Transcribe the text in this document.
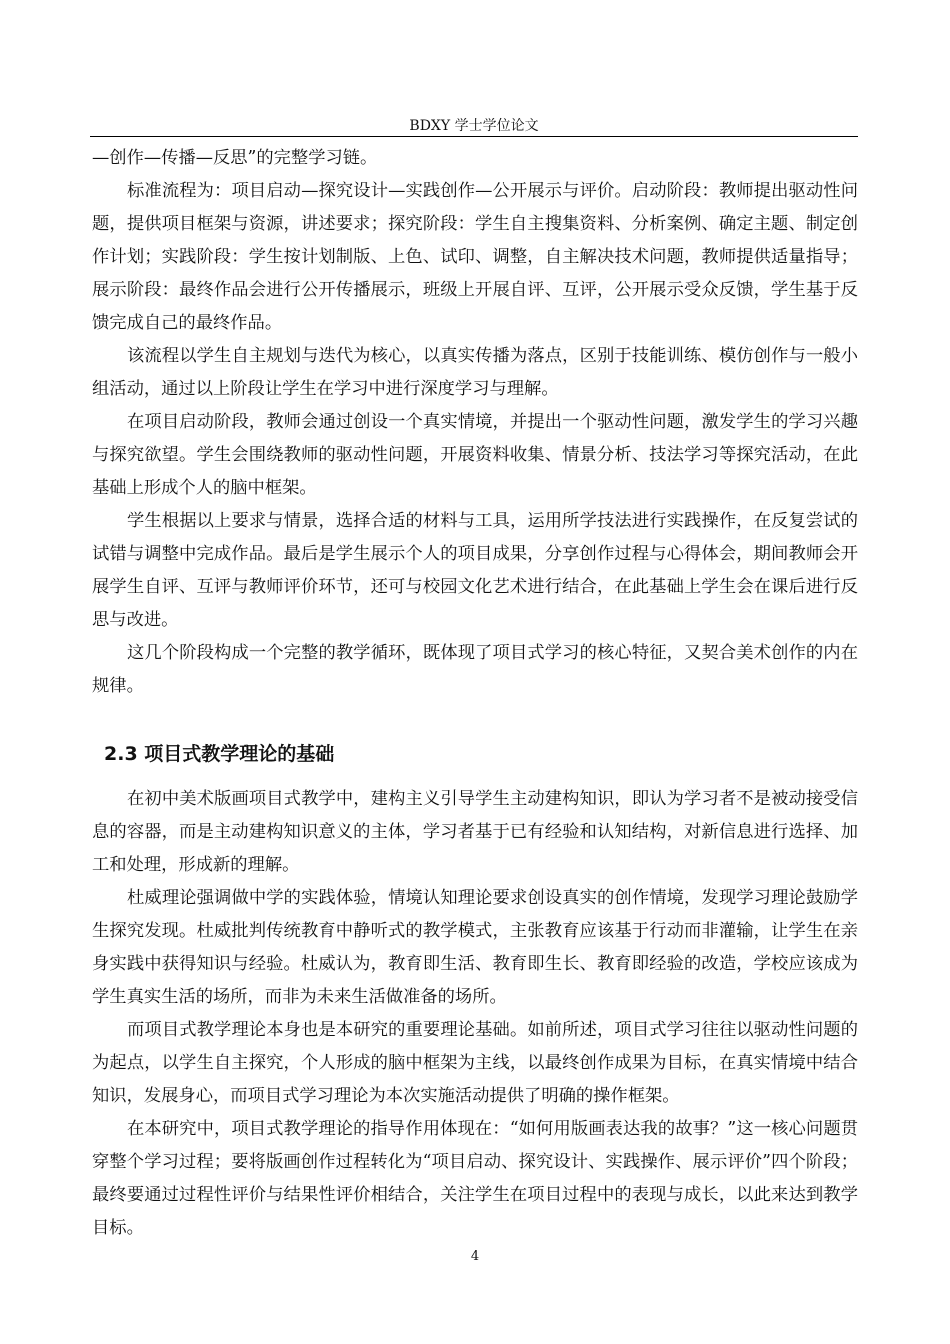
BDXY 学士学位论文

—创作—传播—反思”的完整学习链。

标准流程为：项目启动—探究设计—实践创作—公开展示与评价。启动阶段：教师提出驱动性问题，提供项目框架与资源，讲述要求；探究阶段：学生自主搜集资料、分析案例、确定主题、制定创作计划；实践阶段：学生按计划制版、上色、试印、调整，自主解决技术问题，教师提供适量指导；展示阶段：最终作品会进行公开传播展示，班级上开展自评、互评，公开展示受众反馈，学生基于反馈完成自己的最终作品。

该流程以学生自主规划与迭代为核心，以真实传播为落点，区别于技能训练、模仿创作与一般小组活动，通过以上阶段让学生在学习中进行深度学习与理解。

在项目启动阶段，教师会通过创设一个真实情境，并提出一个驱动性问题，激发学生的学习兴趣与探究欲望。学生会围绕教师的驱动性问题，开展资料收集、情景分析、技法学习等探究活动，在此基础上形成个人的脑中框架。

学生根据以上要求与情景，选择合适的材料与工具，运用所学技法进行实践操作，在反复尝试的试错与调整中完成作品。最后是学生展示个人的项目成果，分享创作过程与心得体会，期间教师会开展学生自评、互评与教师评价环节，还可与校园文化艺术进行结合，在此基础上学生会在课后进行反思与改进。

这几个阶段构成一个完整的教学循环，既体现了项目式学习的核心特征，又契合美术创作的内在规律。

2.3 项目式教学理论的基础

在初中美术版画项目式教学中，建构主义引导学生主动建构知识，即认为学习者不是被动接受信息的容器，而是主动建构知识意义的主体，学习者基于已有经验和认知结构，对新信息进行选择、加工和处理，形成新的理解。

杜威理论强调做中学的实践体验，情境认知理论要求创设真实的创作情境，发现学习理论鼓励学生探究发现。杜威批判传统教育中静听式的教学模式，主张教育应该基于行动而非灌输，让学生在亲身实践中获得知识与经验。杜威认为，教育即生活、教育即生长、教育即经验的改造，学校应该成为学生真实生活的场所，而非为未来生活做准备的场所。

而项目式教学理论本身也是本研究的重要理论基础。如前所述，项目式学习往往以驱动性问题的为起点，以学生自主探究，个人形成的脑中框架为主线，以最终创作成果为目标，在真实情境中结合知识，发展身心，而项目式学习理论为本次实施活动提供了明确的操作框架。

在本研究中，项目式教学理论的指导作用体现在：“如何用版画表达我的故事？”这一核心问题贯穿整个学习过程；要将版画创作过程转化为“项目启动、探究设计、实践操作、展示评价”四个阶段；最终要通过过程性评价与结果性评价相结合，关注学生在项目过程中的表现与成长，以此来达到教学目标。

4
